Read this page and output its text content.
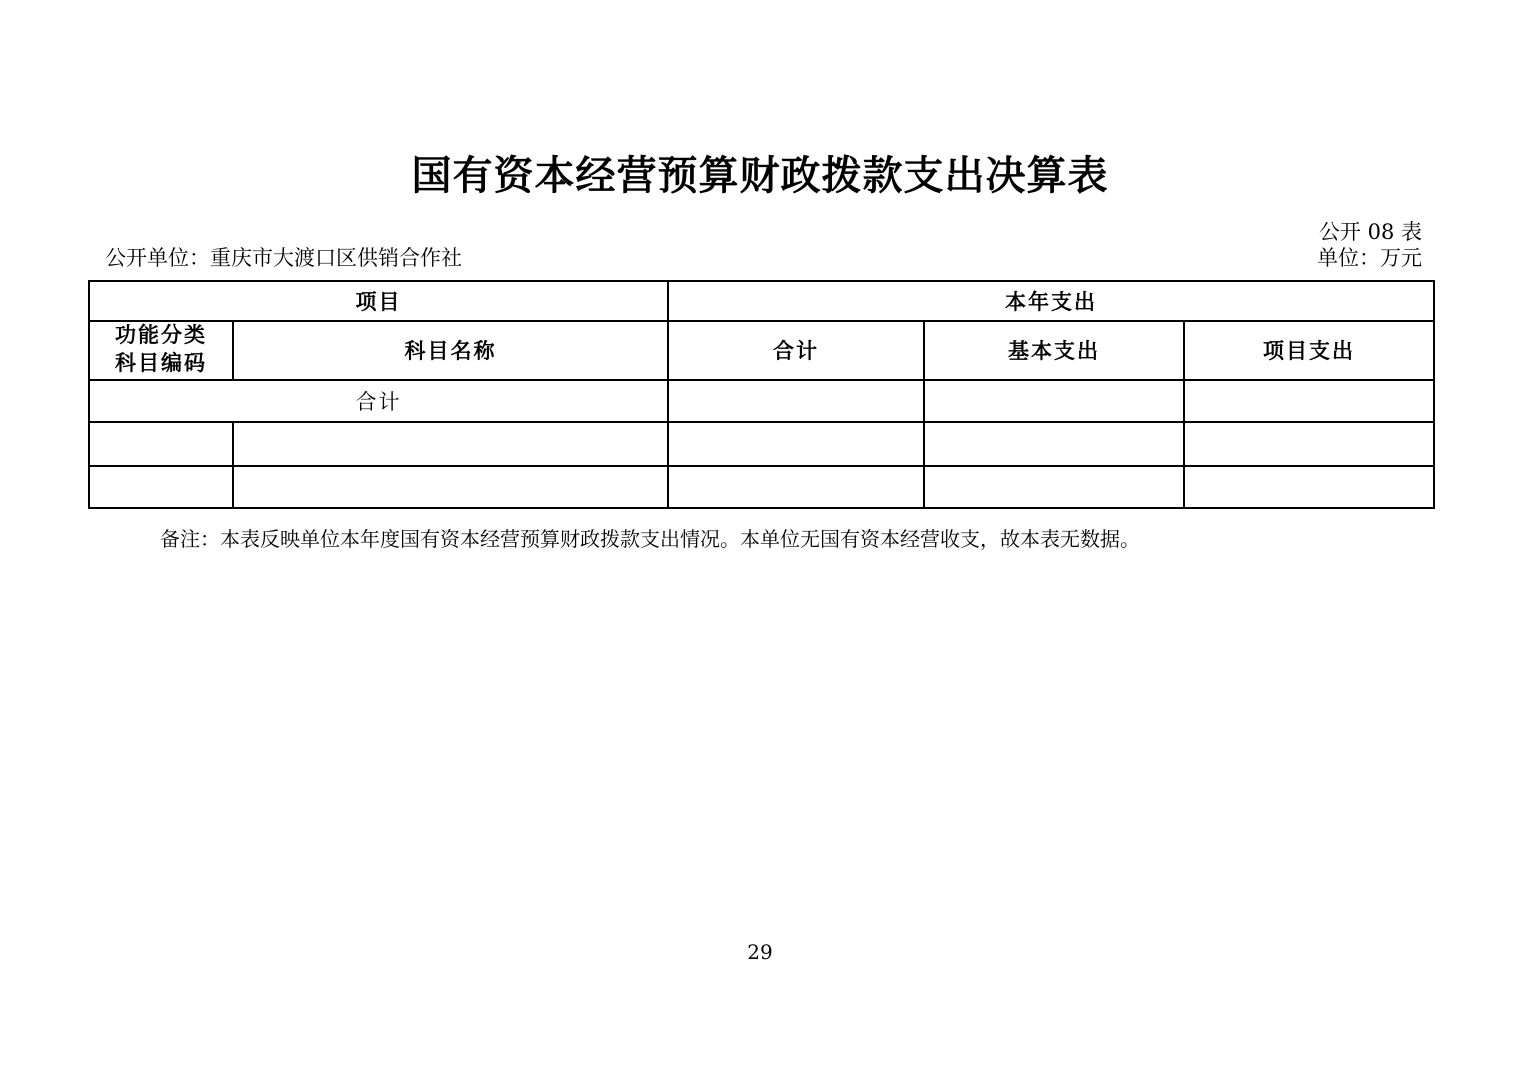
国有资本经营预算财政拨款支出决算表
公开 08 表
公开单位：重庆市大渡口区供销合作社	单位：万元
项目		本年支出		

功能分类
科目编码	科目名称	合计	基本支出	项目支出
合计				

备注：本表反映单位本年度国有资本经营预算财政拨款支出情况。本单位无国有资本经营收支，故本表无数据。
29
